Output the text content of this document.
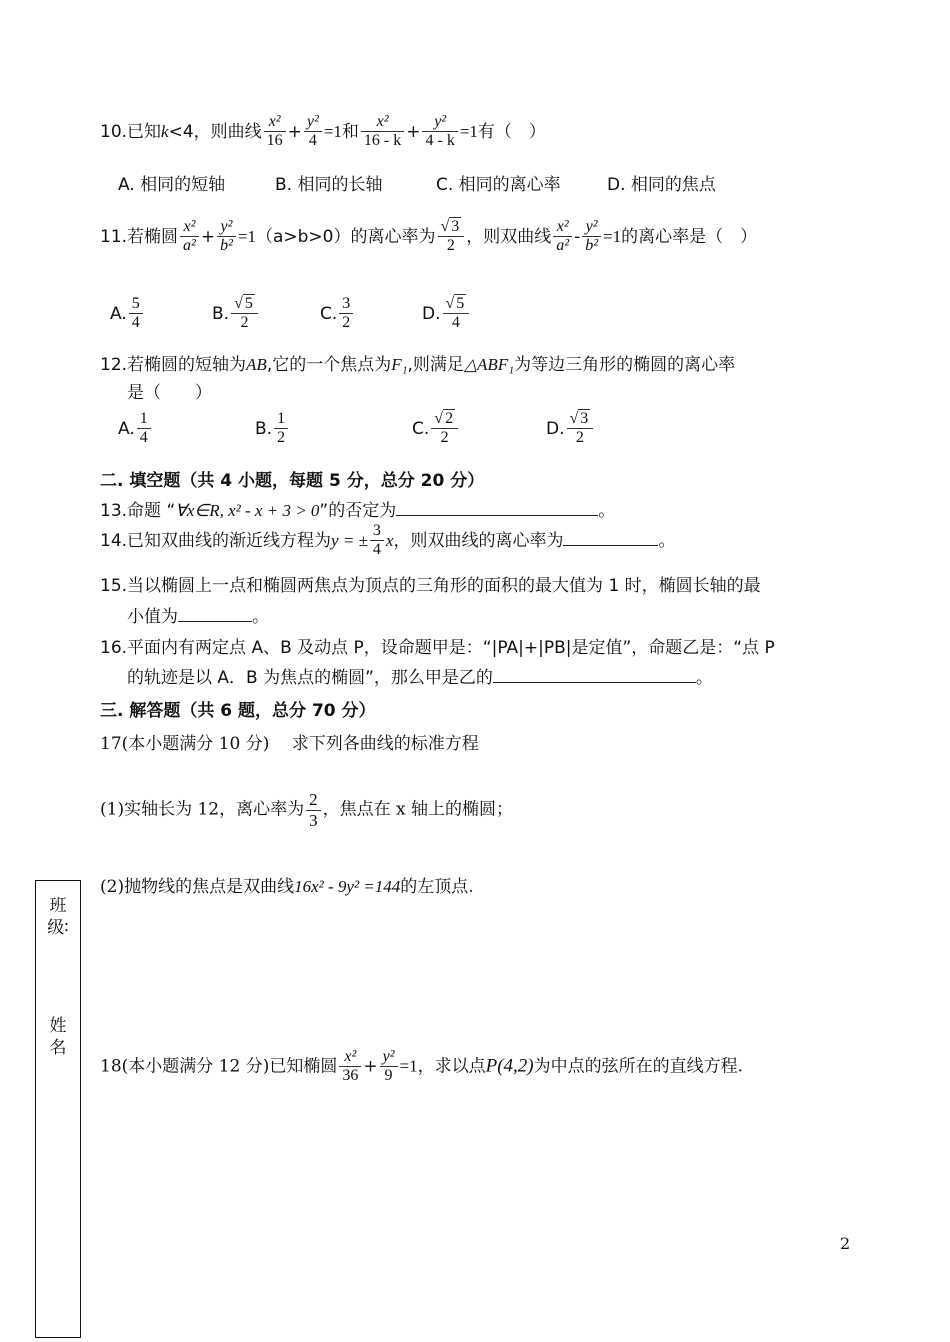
10.已知k<4，则曲线 $\frac{\text{x²}}{16} + \frac{\text{y²}}{4} =1$和 $\frac{\text{x²}}{16 - k} + \frac{\text{y²}}{4 - k} =1$有（　）
A. 相同的短轴	B. 相同的长轴	C. 相同的离心率	D. 相同的焦点
11.若椭圆 $\frac{\text{x²}}{\text{a²}} + \frac{\text{y²}}{\text{b²}} =1(a>b>0)$的离心率为 $\frac{√ 3}{2}$ ，则双曲线 $\frac{\text{x²}}{\text{a²}} - \frac{\text{y²}}{\text{b²}} =1$的离心率是（　）
A. $\frac{5}{4}$	B. $\frac{√ 5}{2}$	C. $\frac{3}{2}$	D. $\frac{√ 5}{4}$
12.若椭圆的短轴为AB,它的一个焦点为F₁,则满足△ABF₁为等边三角形的椭圆的离心率
是（　　）
A. $\frac{1}{4}$	B. $\frac{1}{2}$	C. $\frac{√ 2}{2}$	D. $\frac{√ 3}{2}$
二. 填空题（共 4 小题，每题 5 分，总分 20 分）
13.命题 “∀x∈R, x² - x + 3 > 0”的否定为	。
14.已知双曲线的渐近线方程为y = ± $\frac{3}{4}$ x，则双曲线的离心率为	。
15.当以椭圆上一点和椭圆两焦点为顶点的三角形的面积的最大值为 1 时，椭圆长轴的最
小值为	。
16.平面内有两定点 A、B 及动点 P，设命题甲是：“|PA|+|PB|是定值”，命题乙是：“点 P
的轨迹是以 A．B 为焦点的椭圆”，那么甲是乙的	。
三. 解答题（共 6 题，总分 70 分）
17(本小题满分 10 分)　 求下列各曲线的标准方程
(1)实轴长为 12，离心率为 $\frac{2}{3}$ ，焦点在 x 轴上的椭圆；
(2)抛物线的焦点是双曲线16x² - 9y² =144的左顶点.
18(本小题满分 12 分)已知椭圆 $\frac{\text{x²}}{36} + \frac{\text{y²}}{9} =1$，求以点P(4,2)为中点的弦所在的直线方程.
班级∶
姓名
2
